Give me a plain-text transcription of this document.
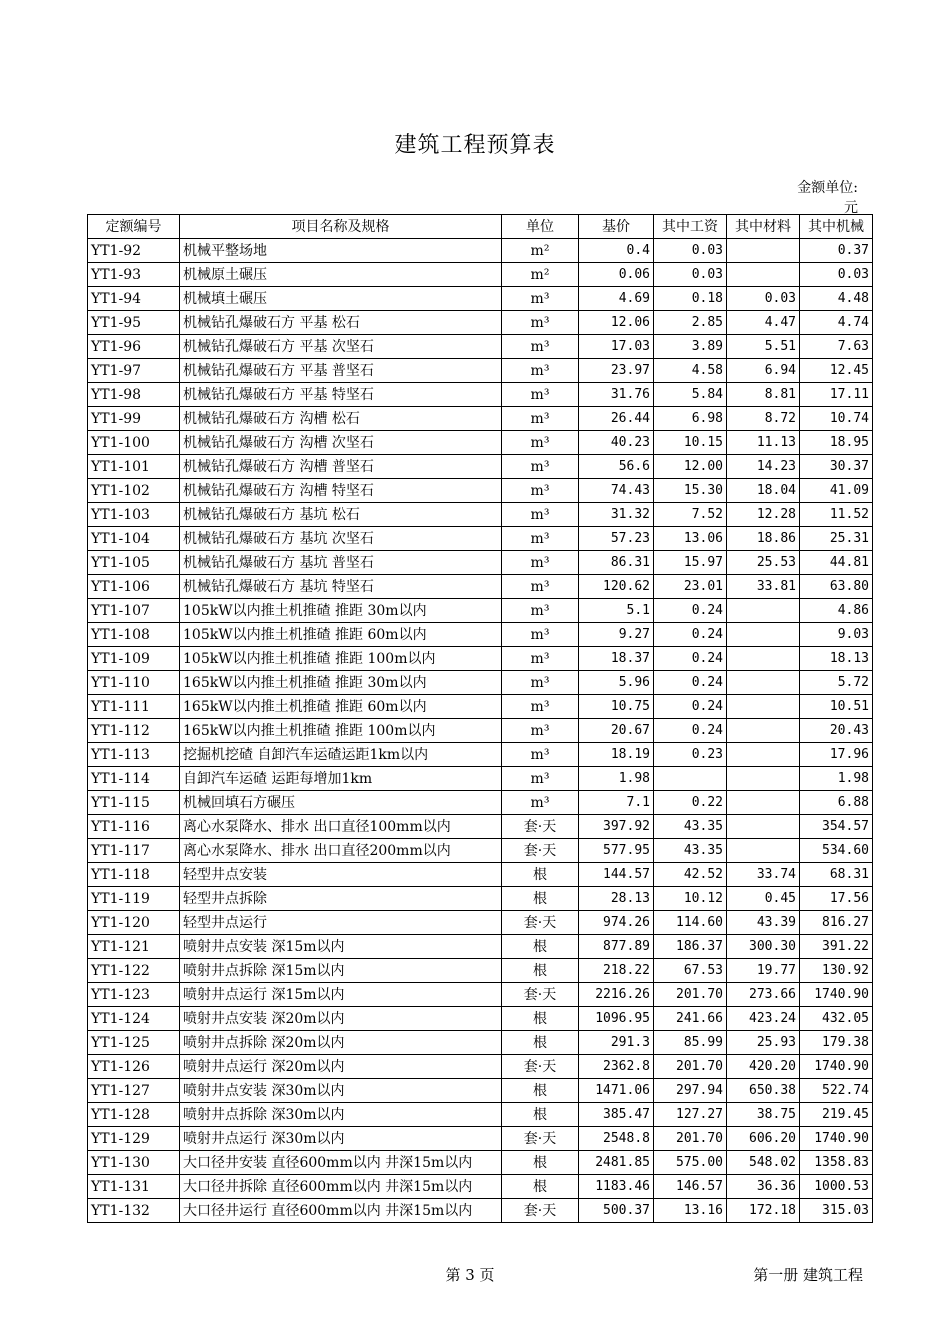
建筑工程预算表
金额单位:元
定额编号	项目名称及规格	单位	基价	其中工资	其中材料	其中机械
YT1-92	机械平整场地	m²	0.4	0.03		0.37
YT1-93	机械原土碾压	m²	0.06	0.03		0.03
YT1-94	机械填土碾压	m³	4.69	0.18	0.03	4.48
YT1-95	机械钻孔爆破石方 平基 松石	m³	12.06	2.85	4.47	4.74
YT1-96	机械钻孔爆破石方 平基 次坚石	m³	17.03	3.89	5.51	7.63
YT1-97	机械钻孔爆破石方 平基 普坚石	m³	23.97	4.58	6.94	12.45
YT1-98	机械钻孔爆破石方 平基 特坚石	m³	31.76	5.84	8.81	17.11
YT1-99	机械钻孔爆破石方 沟槽 松石	m³	26.44	6.98	8.72	10.74
YT1-100	机械钻孔爆破石方 沟槽 次坚石	m³	40.23	10.15	11.13	18.95
YT1-101	机械钻孔爆破石方 沟槽 普坚石	m³	56.6	12.00	14.23	30.37
YT1-102	机械钻孔爆破石方 沟槽 特坚石	m³	74.43	15.30	18.04	41.09
YT1-103	机械钻孔爆破石方 基坑 松石	m³	31.32	7.52	12.28	11.52
YT1-104	机械钻孔爆破石方 基坑 次坚石	m³	57.23	13.06	18.86	25.31
YT1-105	机械钻孔爆破石方 基坑 普坚石	m³	86.31	15.97	25.53	44.81
YT1-106	机械钻孔爆破石方 基坑 特坚石	m³	120.62	23.01	33.81	63.80
YT1-107	105kW以内推土机推碴 推距 30m以内	m³	5.1	0.24		4.86
YT1-108	105kW以内推土机推碴 推距 60m以内	m³	9.27	0.24		9.03
YT1-109	105kW以内推土机推碴 推距 100m以内	m³	18.37	0.24		18.13
YT1-110	165kW以内推土机推碴 推距 30m以内	m³	5.96	0.24		5.72
YT1-111	165kW以内推土机推碴 推距 60m以内	m³	10.75	0.24		10.51
YT1-112	165kW以内推土机推碴 推距 100m以内	m³	20.67	0.24		20.43
YT1-113	挖掘机挖碴 自卸汽车运碴运距1km以内	m³	18.19	0.23		17.96
YT1-114	自卸汽车运碴 运距每增加1km	m³	1.98			1.98
YT1-115	机械回填石方碾压	m³	7.1	0.22		6.88
YT1-116	离心水泵降水、排水 出口直径100mm以内	套·天	397.92	43.35		354.57
YT1-117	离心水泵降水、排水 出口直径200mm以内	套·天	577.95	43.35		534.60
YT1-118	轻型井点安装	根	144.57	42.52	33.74	68.31
YT1-119	轻型井点拆除	根	28.13	10.12	0.45	17.56
YT1-120	轻型井点运行	套·天	974.26	114.60	43.39	816.27
YT1-121	喷射井点安装 深15m以内	根	877.89	186.37	300.30	391.22
YT1-122	喷射井点拆除 深15m以内	根	218.22	67.53	19.77	130.92
YT1-123	喷射井点运行 深15m以内	套·天	2216.26	201.70	273.66	1740.90
YT1-124	喷射井点安装 深20m以内	根	1096.95	241.66	423.24	432.05
YT1-125	喷射井点拆除 深20m以内	根	291.3	85.99	25.93	179.38
YT1-126	喷射井点运行 深20m以内	套·天	2362.8	201.70	420.20	1740.90
YT1-127	喷射井点安装 深30m以内	根	1471.06	297.94	650.38	522.74
YT1-128	喷射井点拆除 深30m以内	根	385.47	127.27	38.75	219.45
YT1-129	喷射井点运行 深30m以内	套·天	2548.8	201.70	606.20	1740.90
YT1-130	大口径井安装 直径600mm以内 井深15m以内	根	2481.85	575.00	548.02	1358.83
YT1-131	大口径井拆除 直径600mm以内 井深15m以内	根	1183.46	146.57	36.36	1000.53
YT1-132	大口径井运行 直径600mm以内 井深15m以内	套·天	500.37	13.16	172.18	315.03
第 3 页	第一册 建筑工程
